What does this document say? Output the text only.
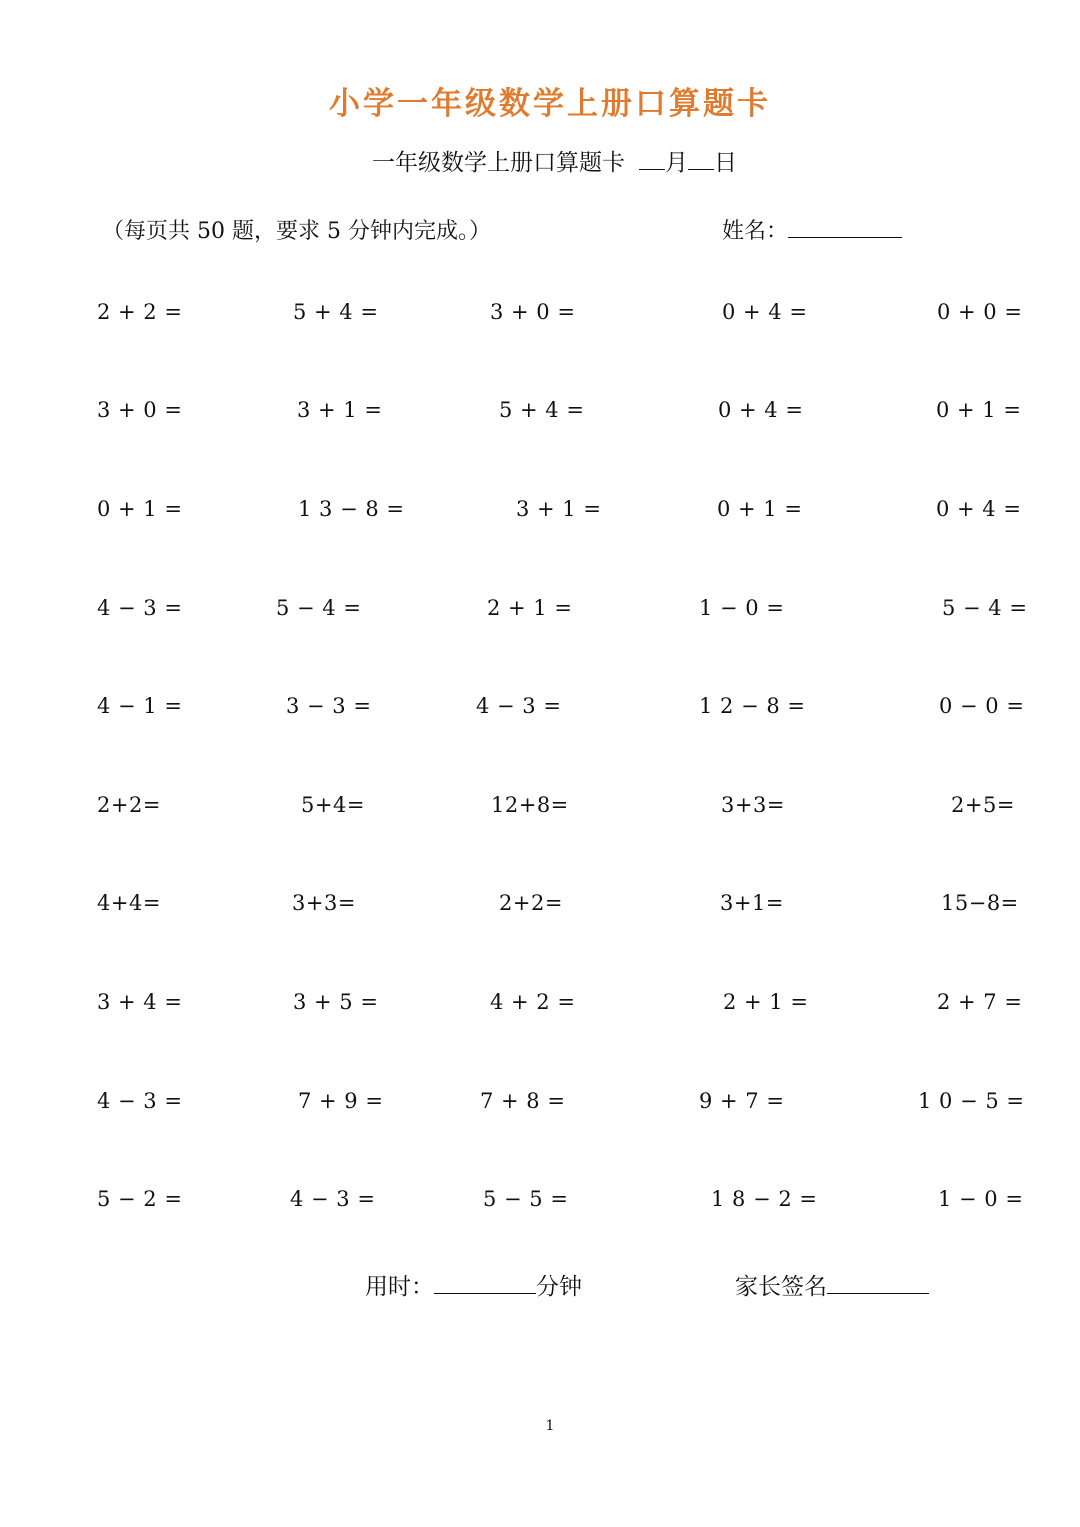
小学一年级数学上册口算题卡
一年级数学上册口算题卡 月 日
（每页共 50 题，要求 5 分钟内完成。）	姓名：
2 + 2 =	5 + 4 =	3 + 0 =	0 + 4 =	0 + 0 =
3 + 0 =	3 + 1 =	5 + 4 =	0 + 4 =	0 + 1 =
0 + 1 =	1 3 − 8 =	3 + 1 =	0 + 1 =	0 + 4 =
4 − 3 =	5 − 4 =	2 + 1 =	1 − 0 =	5 − 4 =
4 − 1 =	3 − 3 =	4 − 3 =	1 2 − 8 =	0 − 0 =
2+2=	5+4=	12+8=	3+3=	2+5=
4+4=	3+3=	2+2=	3+1=	15−8=
3 + 4 =	3 + 5 =	4 + 2 =	2 + 1 =	2 + 7 =
4 − 3 =	7 + 9 =	7 + 8 =	9 + 7 =	1 0 − 5 =
5 − 2 =	4 − 3 =	5 − 5 =	1 8 − 2 =	1 − 0 =
用时：	分钟	家长签名
1
